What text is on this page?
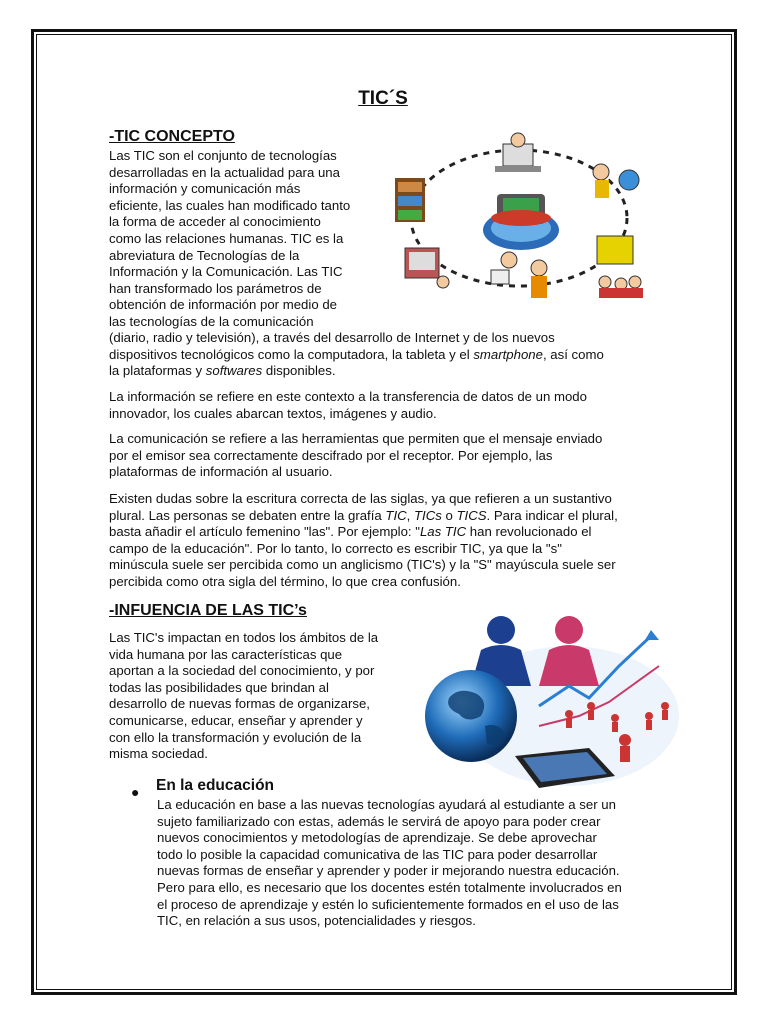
TIC´S
-TIC CONCEPTO
Las TIC son el conjunto de tecnologías
desarrolladas en la actualidad para una
información y comunicación más
eficiente, las cuales han modificado tanto
la forma de acceder al conocimiento
como las relaciones humanas. TIC es la
abreviatura de Tecnologías de la
Información y la Comunicación. Las TIC
han transformado los parámetros de
obtención de información por medio de
las tecnologías de la comunicación
(diario, radio y televisión), a través del desarrollo de Internet y de los nuevos
dispositivos tecnológicos como la computadora, la tableta y el smartphone, así como
la plataformas y softwares disponibles.
La información se refiere en este contexto a la transferencia de datos de un modo
innovador, los cuales abarcan textos, imágenes y audio.
La comunicación se refiere a las herramientas que permiten que el mensaje enviado
por el emisor sea correctamente descifrado por el receptor. Por ejemplo, las
plataformas de información al usuario.
Existen dudas sobre la escritura correcta de las siglas, ya que refieren a un sustantivo
plural. Las personas se debaten entre la grafía TIC, TICs o TICS. Para indicar el plural,
basta añadir el artículo femenino "las". Por ejemplo: "Las TIC han revolucionado el
campo de la educación". Por lo tanto, lo correcto es escribir TIC, ya que la "s"
minúscula suele ser percibida como un anglicismo (TIC's) y la "S" mayúscula suele ser
percibida como otra sigla del término, lo que crea confusión.
-INFUENCIA DE LAS TIC’s
Las TIC's impactan en todos los ámbitos de la
vida humana por las características que
aportan a la sociedad del conocimiento, y por
todas las posibilidades que brindan al
desarrollo de nuevas formas de organizarse,
comunicarse, educar, enseñar y aprender y
con ello la transformación y evolución de la
misma sociedad.
● En la educación
La educación en base a las nuevas tecnologías ayudará al estudiante a ser un
sujeto familiarizado con estas, además le servirá de apoyo para poder crear
nuevos conocimientos y metodologías de aprendizaje. Se debe aprovechar
todo lo posible la capacidad comunicativa de las TIC para poder desarrollar
nuevas formas de enseñar y aprender y poder ir mejorando nuestra educación.
Pero para ello, es necesario que los docentes estén totalmente involucrados en
el proceso de aprendizaje y estén lo suficientemente formados en el uso de las
TIC, en relación a sus usos, potencialidades y riesgos.
